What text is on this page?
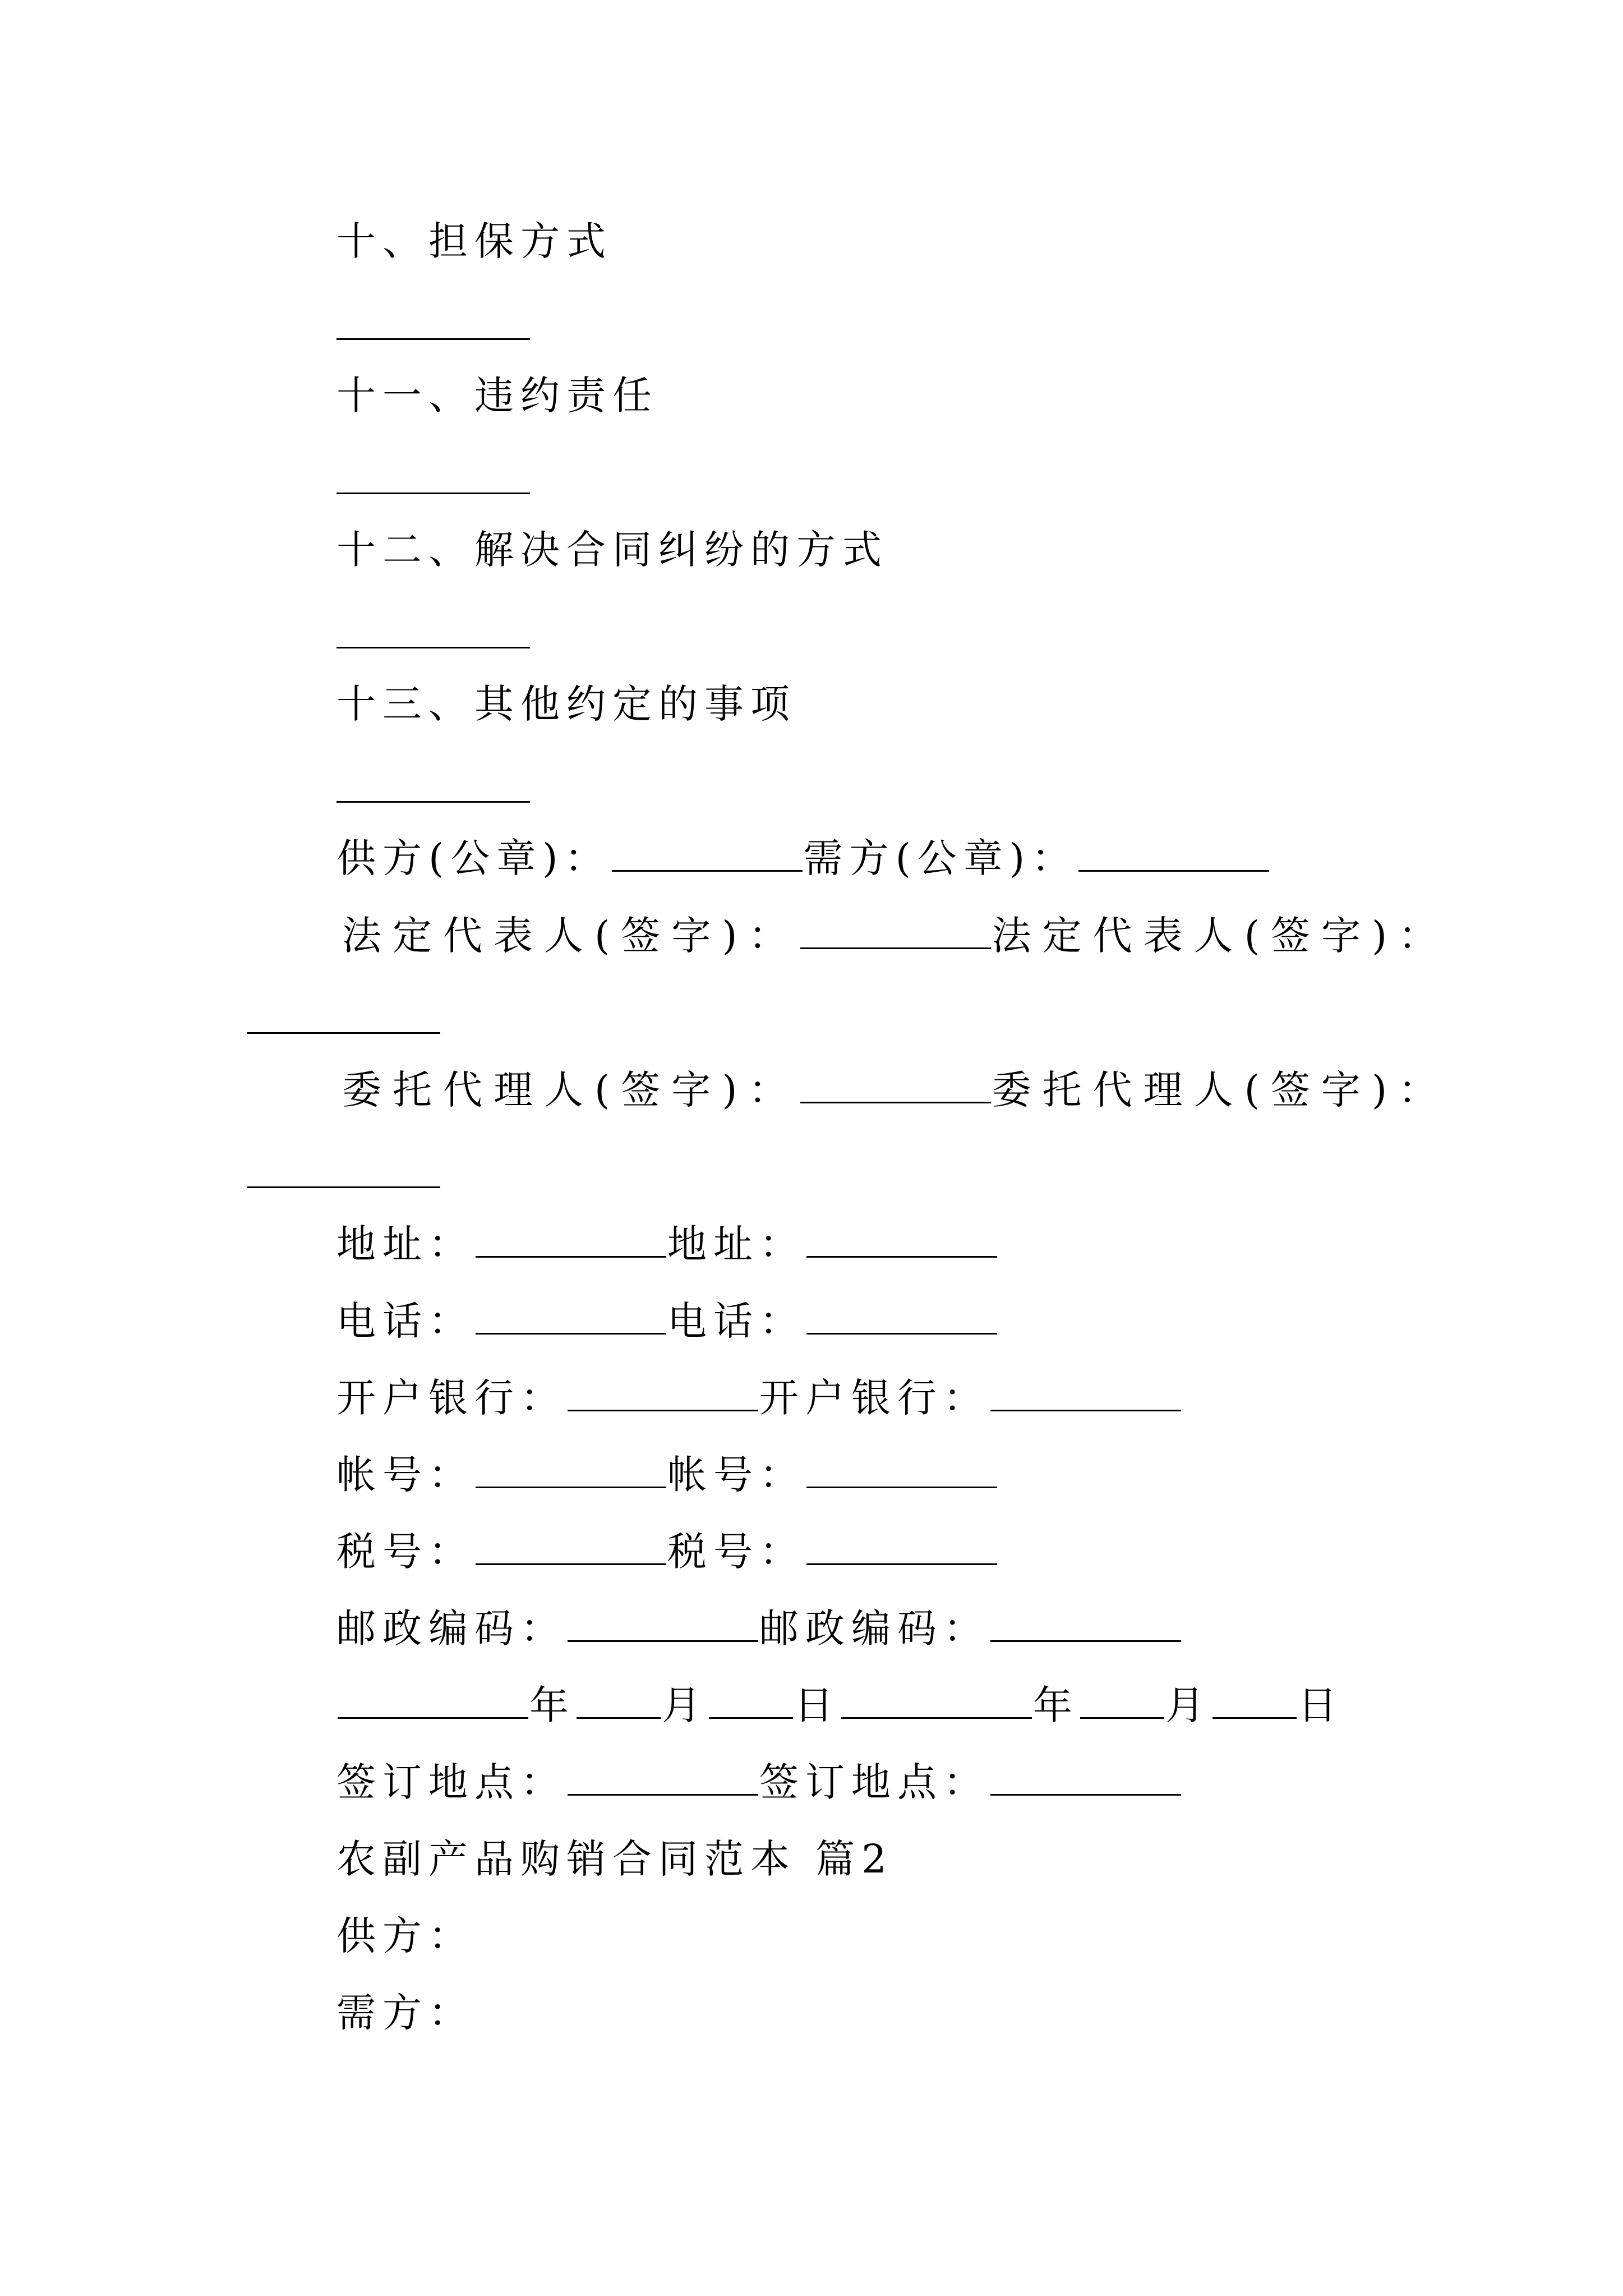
十、担保方式
十一、违约责任
十二、解决合同纠纷的方式
十三、其他约定的事项
供方(公章)：	需方(公章)：
法定代表人(签字)：	法定代表人(签字)：
委托代理人(签字)：	委托代理人(签字)：
地址：	地址：
电话：	电话：
开户银行：	开户银行：
帐号：	帐号：
税号：	税号：
邮政编码：	邮政编码：
年 月 日	年 月 日
签订地点：	签订地点：
农副产品购销合同范本 篇2
供方：
需方：
